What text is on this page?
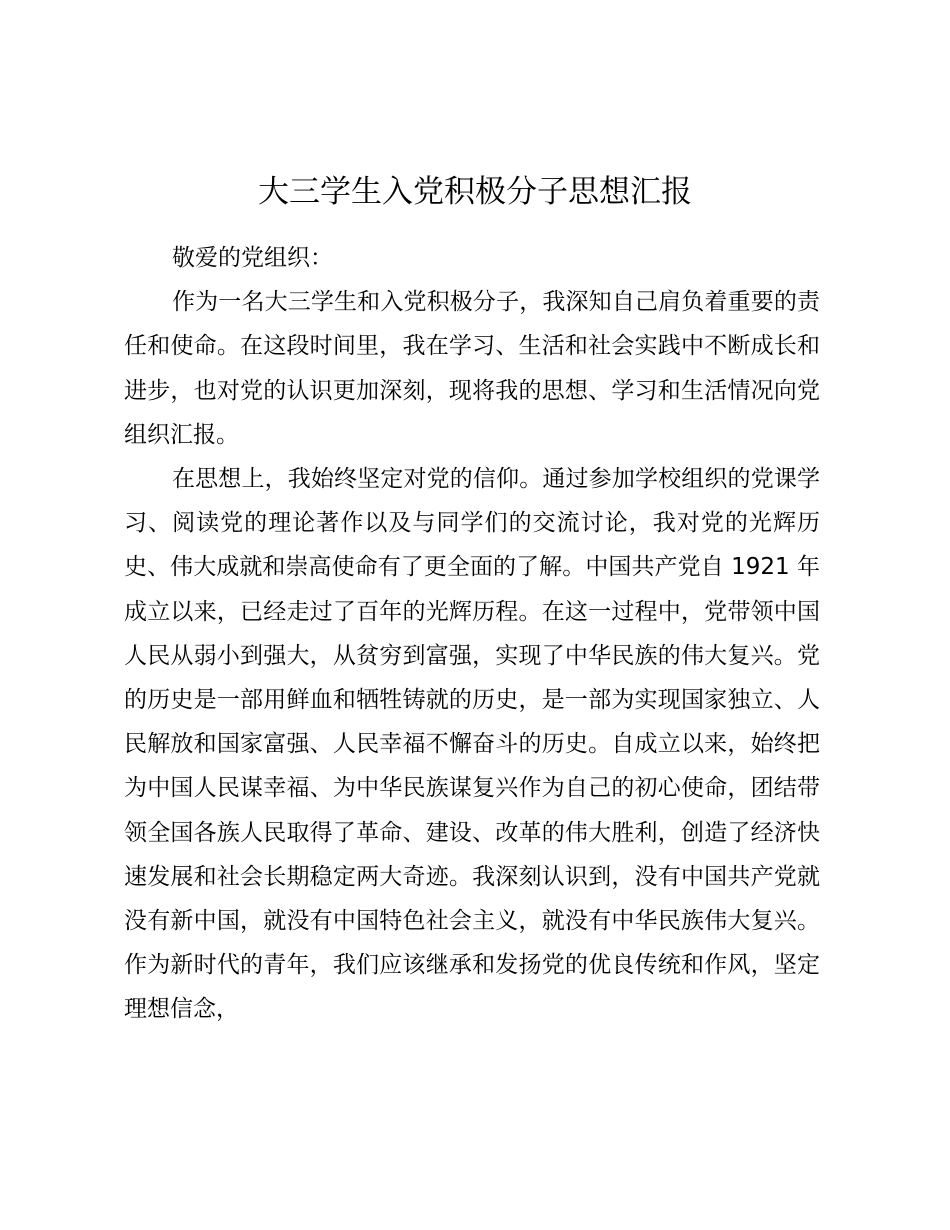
大三学生入党积极分子思想汇报

敬爱的党组织：

作为一名大三学生和入党积极分子，我深知自己肩负着重要的责任和使命。在这段时间里，我在学习、生活和社会实践中不断成长和进步，也对党的认识更加深刻，现将我的思想、学习和生活情况向党组织汇报。

在思想上，我始终坚定对党的信仰。通过参加学校组织的党课学习、阅读党的理论著作以及与同学们的交流讨论，我对党的光辉历史、伟大成就和崇高使命有了更全面的了解。中国共产党自 1921 年成立以来，已经走过了百年的光辉历程。在这一过程中，党带领中国人民从弱小到强大，从贫穷到富强，实现了中华民族的伟大复兴。党的历史是一部用鲜血和牺牲铸就的历史，是一部为实现国家独立、人民解放和国家富强、人民幸福不懈奋斗的历史。自成立以来，始终把为中国人民谋幸福、为中华民族谋复兴作为自己的初心使命，团结带领全国各族人民取得了革命、建设、改革的伟大胜利，创造了经济快速发展和社会长期稳定两大奇迹。我深刻认识到，没有中国共产党就没有新中国，就没有中国特色社会主义，就没有中华民族伟大复兴。作为新时代的青年，我们应该继承和发扬党的优良传统和作风，坚定理想信念，
